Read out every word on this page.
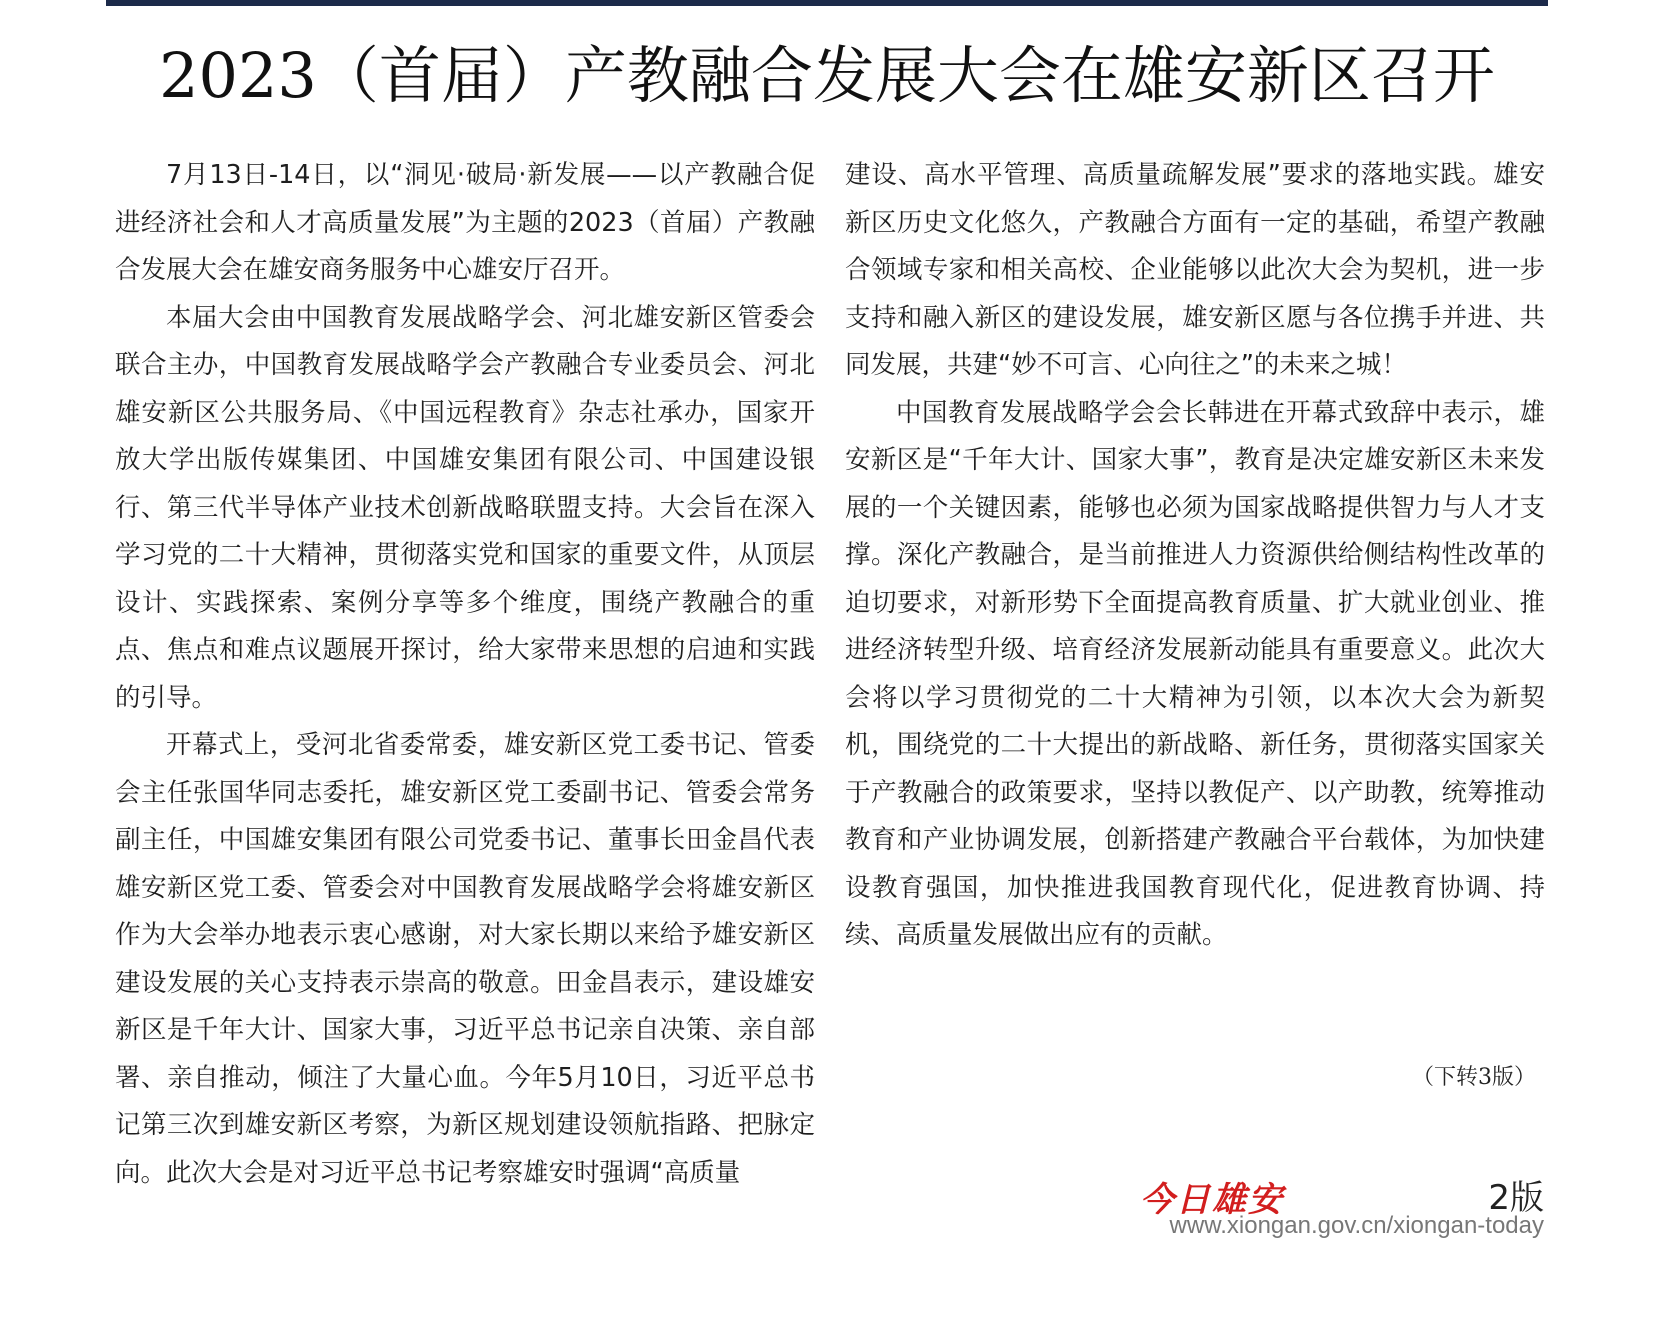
2023（首届）产教融合发展大会在雄安新区召开

7月13日-14日，以“洞见·破局·新发展——以产教融合促进经济社会和人才高质量发展”为主题的2023（首届）产教融合发展大会在雄安商务服务中心雄安厅召开。

本届大会由中国教育发展战略学会、河北雄安新区管委会联合主办，中国教育发展战略学会产教融合专业委员会、河北雄安新区公共服务局、《中国远程教育》杂志社承办，国家开放大学出版传媒集团、中国雄安集团有限公司、中国建设银行、第三代半导体产业技术创新战略联盟支持。大会旨在深入学习党的二十大精神，贯彻落实党和国家的重要文件，从顶层设计、实践探索、案例分享等多个维度，围绕产教融合的重点、焦点和难点议题展开探讨，给大家带来思想的启迪和实践的引导。

开幕式上，受河北省委常委，雄安新区党工委书记、管委会主任张国华同志委托，雄安新区党工委副书记、管委会常务副主任，中国雄安集团有限公司党委书记、董事长田金昌代表雄安新区党工委、管委会对中国教育发展战略学会将雄安新区作为大会举办地表示衷心感谢，对大家长期以来给予雄安新区建设发展的关心支持表示崇高的敬意。田金昌表示，建设雄安新区是千年大计、国家大事，习近平总书记亲自决策、亲自部署、亲自推动，倾注了大量心血。今年5月10日，习近平总书记第三次到雄安新区考察，为新区规划建设领航指路、把脉定向。此次大会是对习近平总书记考察雄安时强调“高质量

建设、高水平管理、高质量疏解发展”要求的落地实践。雄安新区历史文化悠久，产教融合方面有一定的基础，希望产教融合领域专家和相关高校、企业能够以此次大会为契机，进一步支持和融入新区的建设发展，雄安新区愿与各位携手并进、共同发展，共建“妙不可言、心向往之”的未来之城！

中国教育发展战略学会会长韩进在开幕式致辞中表示，雄安新区是“千年大计、国家大事”，教育是决定雄安新区未来发展的一个关键因素，能够也必须为国家战略提供智力与人才支撑。深化产教融合，是当前推进人力资源供给侧结构性改革的迫切要求，对新形势下全面提高教育质量、扩大就业创业、推进经济转型升级、培育经济发展新动能具有重要意义。此次大会将以学习贯彻党的二十大精神为引领，以本次大会为新契机，围绕党的二十大提出的新战略、新任务，贯彻落实国家关于产教融合的政策要求，坚持以教促产、以产助教，统筹推动教育和产业协调发展，创新搭建产教融合平台载体，为加快建设教育强国，加快推进我国教育现代化，促进教育协调、持续、高质量发展做出应有的贡献。

（下转3版）
今日雄安	2版
www.xiongan.gov.cn/xiongan-today
